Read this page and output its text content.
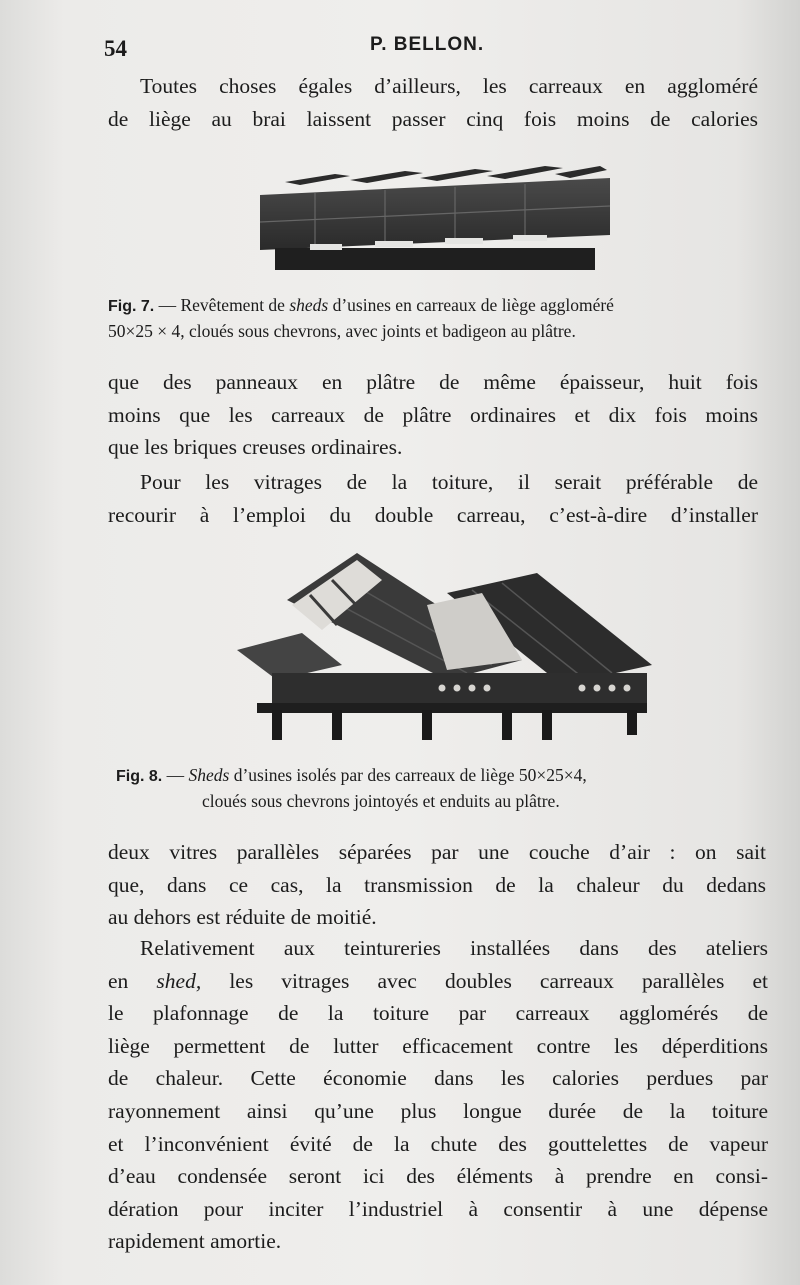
54	P. BELLON.
Toutes choses égales d’ailleurs, les carreaux en aggloméré
de liège au brai laissent passer cinq fois moins de calories
Fig. 7. — Revêtement de sheds d’usines en carreaux de liège aggloméré
50×25 × 4, cloués sous chevrons, avec joints et badigeon au plâtre.
que des panneaux en plâtre de même épaisseur, huit fois
moins que les carreaux de plâtre ordinaires et dix fois moins
que les briques creuses ordinaires.
Pour les vitrages de la toiture, il serait préférable de
recourir à l’emploi du double carreau, c’est-à-dire d’installer
Fig. 8. — Sheds d’usines isolés par des carreaux de liège 50×25×4,
cloués sous chevrons jointoyés et enduits au plâtre.
deux vitres parallèles séparées par une couche d’air : on sait
que, dans ce cas, la transmission de la chaleur du dedans
au dehors est réduite de moitié.
Relativement aux teintureries installées dans des ateliers
en shed, les vitrages avec doubles carreaux parallèles et
le plafonnage de la toiture par carreaux agglomérés de
liège permettent de lutter efficacement contre les déperditions
de chaleur. Cette économie dans les calories perdues par
rayonnement ainsi qu’une plus longue durée de la toiture
et l’inconvénient évité de la chute des gouttelettes de vapeur
d’eau condensée seront ici des éléments à prendre en consi-
dération pour inciter l’industriel à consentir à une dépense
rapidement amortie.
